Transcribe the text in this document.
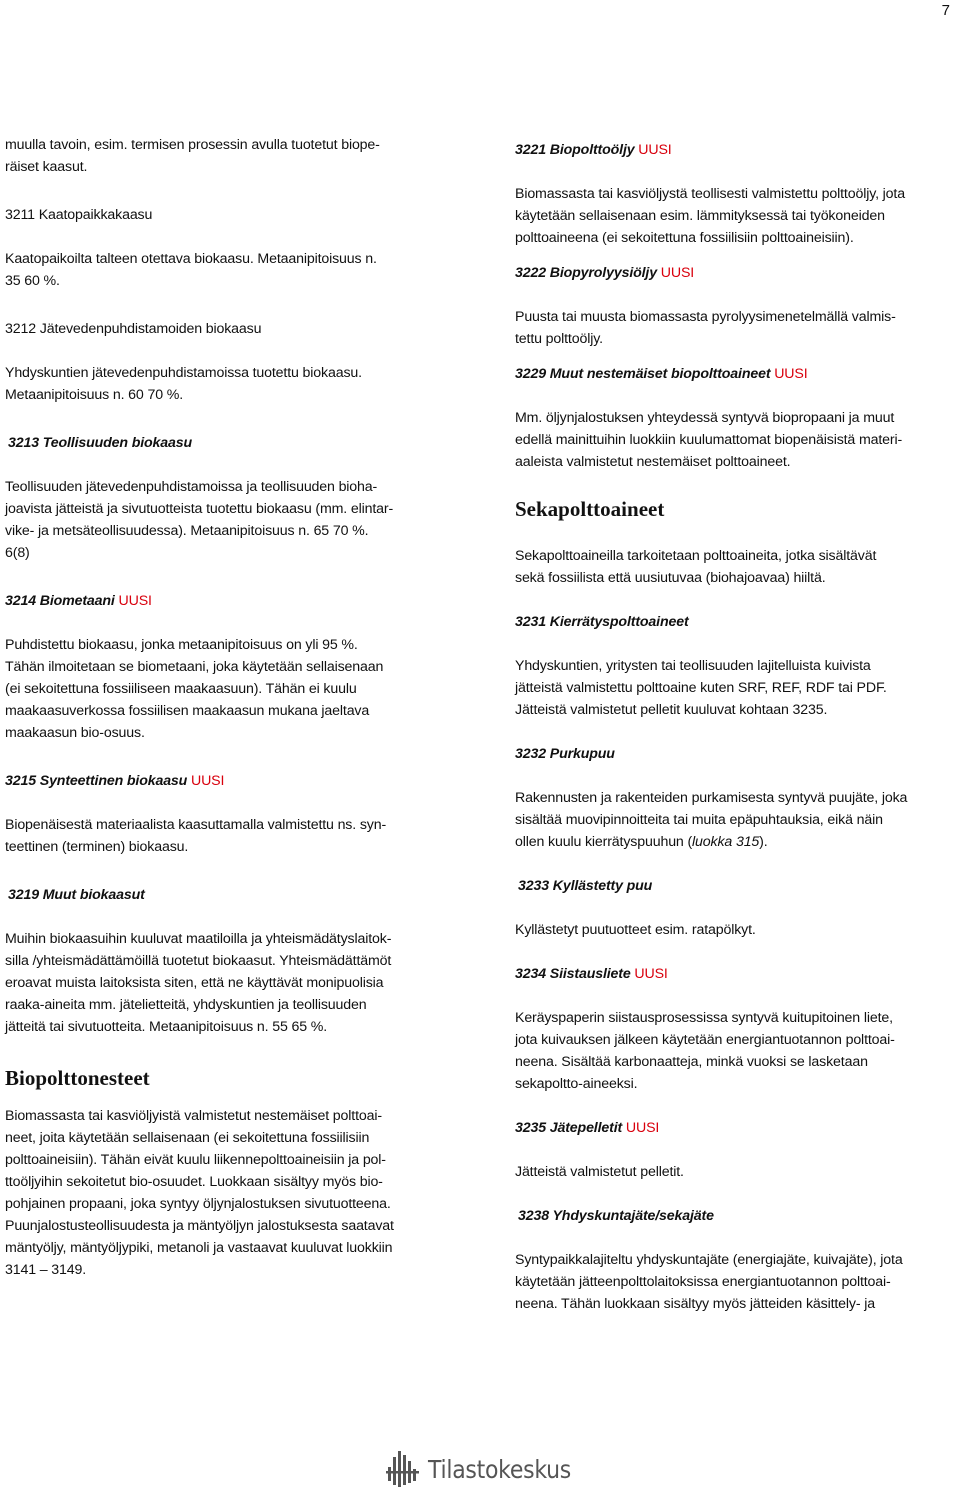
7

muulla tavoin, esim. termisen prosessin avulla tuotetut biope-

räiset kaasut.

3211 Kaatopaikkakaasu

Kaatopaikoilta talteen otettava biokaasu. Metaanipitoisuus n.

35 60 %.

3212 Jätevedenpuhdistamoiden biokaasu

Yhdyskuntien jätevedenpuhdistamoissa tuotettu biokaasu.

Metaanipitoisuus n. 60 70 %.

3213 Teollisuuden biokaasu

Teollisuuden jätevedenpuhdistamoissa ja teollisuuden bioha-

joavista jätteistä ja sivutuotteista tuotettu biokaasu (mm. elintar-

vike- ja metsäteollisuudessa). Metaanipitoisuus n. 65 70 %.

6(8)

3214 Biometaani UUSI

Puhdistettu biokaasu, jonka metaanipitoisuus on yli 95 %.

Tähän ilmoitetaan se biometaani, joka käytetään sellaisenaan

(ei sekoitettuna fossiiliseen maakaasuun). Tähän ei kuulu

maakaasuverkossa fossiilisen maakaasun mukana jaeltava

maakaasun bio-osuus.

3215 Synteettinen biokaasu UUSI

Biopenäisestä materiaalista kaasuttamalla valmistettu ns. syn-

teettinen (terminen) biokaasu.

3219 Muut biokaasut

Muihin biokaasuihin kuuluvat maatiloilla ja yhteismädätyslaitok-

silla /yhteismädättämöillä tuotetut biokaasut. Yhteismädättämöt

eroavat muista laitoksista siten, että ne käyttävät monipuolisia

raaka-aineita mm. jätelietteitä, yhdyskuntien ja teollisuuden

jätteitä tai sivutuotteita. Metaanipitoisuus n. 55 65 %.

Biopolttonesteet

Biomassasta tai kasviöljyistä valmistetut nestemäiset polttoai-

neet, joita käytetään sellaisenaan (ei sekoitettuna fossiilisiin

polttoaineisiin). Tähän eivät kuulu liikennepolttoaineisiin ja pol-

ttoöljyihin sekoitetut bio-osuudet. Luokkaan sisältyy myös bio-

pohjainen propaani, joka syntyy öljynjalostuksen sivutuotteena.

Puunjalostusteollisuudesta ja mäntyöljyn jalostuksesta saatavat

mäntyöljy, mäntyöljypiki, metanoli ja vastaavat kuuluvat luokkiin

3141 – 3149.

3221 Biopolttoöljy UUSI

Biomassasta tai kasviöljystä teollisesti valmistettu polttoöljy, jota

käytetään sellaisenaan esim. lämmityksessä tai työkoneiden

polttoaineena (ei sekoitettuna fossiilisiin polttoaineisiin).

3222 Biopyrolyysiöljy UUSI

Puusta tai muusta biomassasta pyrolyysimenetelmällä valmis-

tettu polttoöljy.

3229 Muut nestemäiset biopolttoaineet UUSI

Mm. öljynjalostuksen yhteydessä syntyvä biopropaani ja muut

edellä mainittuihin luokkiin kuulumattomat biopenäisistä materi-

aaleista valmistetut nestemäiset polttoaineet.

Sekapolttoaineet

Sekapolttoaineilla tarkoitetaan polttoaineita, jotka sisältävät

sekä fossiilista että uusiutuvaa (biohajoavaa) hiiltä.

3231 Kierrätyspolttoaineet

Yhdyskuntien, yritysten tai teollisuuden lajitelluista kuivista

jätteistä valmistettu polttoaine kuten SRF, REF, RDF tai PDF.

Jätteistä valmistetut pelletit kuuluvat kohtaan 3235.

3232 Purkupuu

Rakennusten ja rakenteiden purkamisesta syntyvä puujäte, joka

sisältää muovipinnoitteita tai muita epäpuhtauksia, eikä näin

ollen kuulu kierrätyspuuhun (luokka 315).

3233 Kyllästetty puu

Kyllästetyt puutuotteet esim. ratapölkyt.

3234 Siistausliete UUSI

Keräyspaperin siistausprosessissa syntyvä kuitupitoinen liete,

jota kuivauksen jälkeen käytetään energiantuotannon polttoai-

neena. Sisältää karbonaatteja, minkä vuoksi se lasketaan

sekapoltto-aineeksi.

3235 Jätepelletit UUSI

Jätteistä valmistetut pelletit.

3238 Yhdyskuntajäte/sekajäte

Syntypaikkalajiteltu yhdyskuntajäte (energiajäte, kuivajäte), jota

käytetään jätteenpolttolaitoksissa energiantuotannon polttoai-

neena. Tähän luokkaan sisältyy myös jätteiden käsittely- ja

Tilastokeskus
